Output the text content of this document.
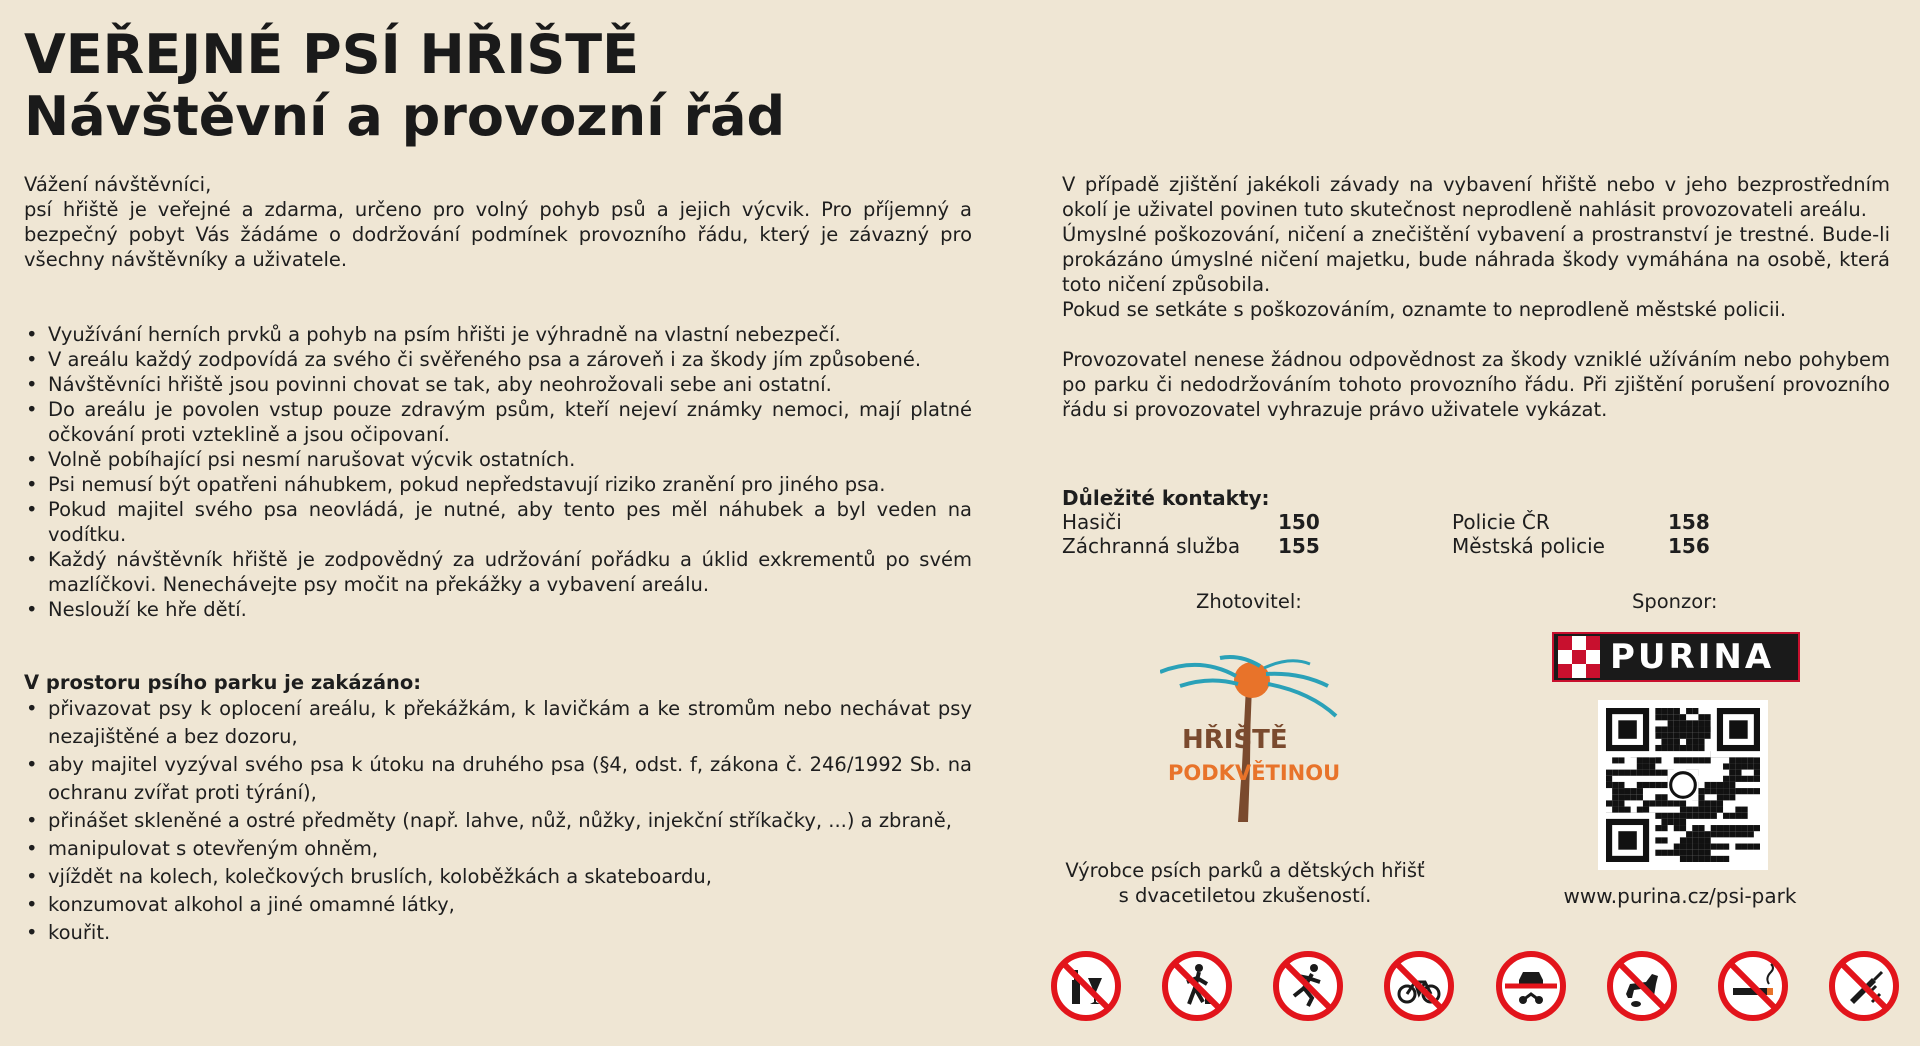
VEŘEJNÉ PSÍ HŘIŠTĚ
Návštěvní a provozní řád
Vážení návštěvníci,
psí hřiště je veřejné a zdarma, určeno pro volný pohyb psů a jejich výcvik. Pro příjemný a bezpečný pobyt Vás žádáme o dodržování podmínek provozního řádu, který je závazný pro všechny návštěvníky a uživatele.
• Využívání herních prvků a pohyb na psím hřišti je výhradně na vlastní nebezpečí.
• V areálu každý zodpovídá za svého či svěřeného psa a zároveň i za škody jím způsobené.
• Návštěvníci hřiště jsou povinni chovat se tak, aby neohrožovali sebe ani ostatní.
• Do areálu je povolen vstup pouze zdravým psům, kteří nejeví známky nemoci, mají platné očkování proti vzteklině a jsou očipovaní.
• Volně pobíhající psi nesmí narušovat výcvik ostatních.
• Psi nemusí být opatřeni náhubkem, pokud nepředstavují riziko zranění pro jiného psa.
• Pokud majitel svého psa neovládá, je nutné, aby tento pes měl náhubek a byl veden na vodítku.
• Každý návštěvník hřiště je zodpovědný za udržování pořádku a úklid exkrementů po svém mazlíčkovi. Nenechávejte psy močit na překážky a vybavení areálu.
• Neslouží ke hře dětí.
V prostoru psího parku je zakázáno:
• přivazovat psy k oplocení areálu, k překážkám, k lavičkám a ke stromům nebo nechávat psy nezajištěné a bez dozoru,
• aby majitel vyzýval svého psa k útoku na druhého psa (§4, odst. f, zákona č. 246/1992 Sb. na ochranu zvířat proti týrání),
• přinášet skleněné a ostré předměty (např. lahve, nůž, nůžky, injekční stříkačky, ...) a zbraně,
• manipulovat s otevřeným ohněm,
• vjíždět na kolech, kolečkových bruslích, koloběžkách a skateboardu,
• konzumovat alkohol a jiné omamné látky,
• kouřit.
V případě zjištění jakékoli závady na vybavení hřiště nebo v jeho bezprostředním okolí je uživatel povinen tuto skutečnost neprodleně nahlásit provozovateli areálu.
Úmyslné poškozování, ničení a znečištění vybavení a prostranství je trestné. Bude-li prokázáno úmyslné ničení majetku, bude náhrada škody vymáhána na osobě, která toto ničení způsobila.
Pokud se setkáte s poškozováním, oznamte to neprodleně městské policii.
Provozovatel nenese žádnou odpovědnost za škody vzniklé užíváním nebo pohybem po parku či nedodržováním tohoto provozního řádu. Při zjištění porušení provozního řádu si provozovatel vyhrazuje právo uživatele vykázat.
Důležité kontakty:
Hasiči	150	Policie ČR	158
Záchranná služba	155	Městská policie	156
Zhotovitel:	Sponzor:
HŘIŠTĚ
PODKVĚTINOU
PURINA
Výrobce psích parků a dětských hřišť s dvacetiletou zkušeností.	www.purina.cz/psi-park
